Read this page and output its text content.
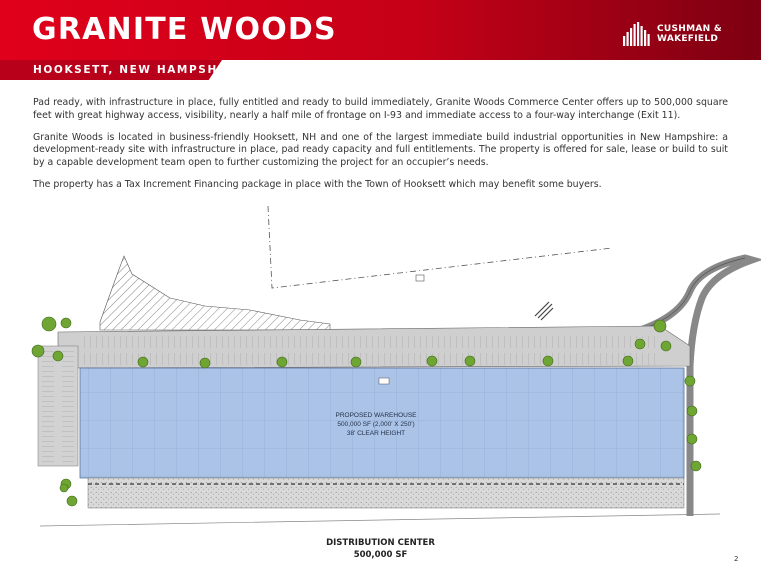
GRANITE WOODS	CUSHMAN &
WAKEFIELD
HOOKSETT, NEW HAMPSHIRE

Pad ready, with infrastructure in place, fully entitled and ready to build immediately, Granite Woods Commerce Center offers up to 500,000 square feet with great highway access, visibility, nearly a half mile of frontage on I-93 and immediate access to a four-way interchange (Exit 11).

Granite Woods is located in business-friendly Hooksett, NH and one of the largest immediate build industrial opportunities in New Hampshire: a development-ready site with infrastructure in place, pad ready capacity and full entitlements. The property is offered for sale, lease or build to suit by a capable development team open to further customizing the project for an occupier’s needs.

The property has a Tax Increment Financing package in place with the Town of Hooksett which may benefit some buyers.

PROPOSED WAREHOUSE
500,000 SF (2,000' X 250')
38' CLEAR HEIGHT
DISTRIBUTION CENTER
500,000 SF	2
